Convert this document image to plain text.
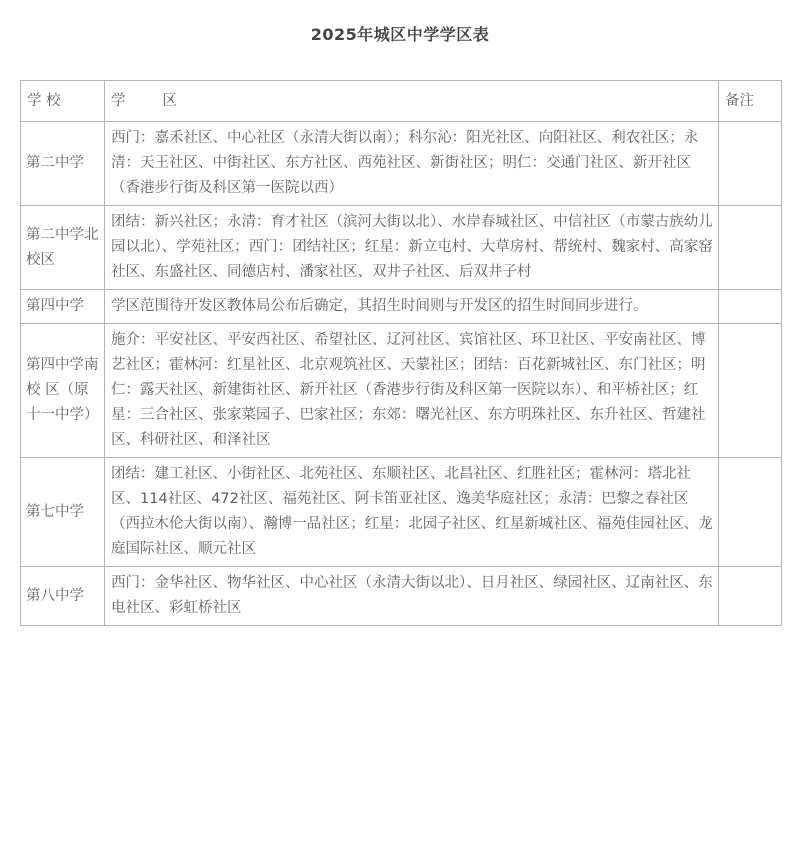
2025年城区中学学区表
学 校	学        区	备注
第二中学	西门：嘉禾社区、中心社区（永清大街以南）；科尔沁：阳光社区、向阳社区、利农社区；永清：天王社区、中街社区、东方社区、西苑社区、新街社区；明仁：交通门社区、新开社区（香港步行街及科区第一医院以西）	
第二中学北校区	团结：新兴社区；永清：育才社区（滨河大街以北）、水岸春城社区、中信社区（市蒙古族幼儿园以北）、学苑社区；西门：团结社区；红星：新立屯村、大草房村、帮统村、魏家村、高家窑社区、东盛社区、同德店村、潘家社区、双井子社区、后双井子村	
第四中学	学区范围待开发区教体局公布后确定，其招生时间则与开发区的招生时间同步进行。	
第四中学南 校 区（原十一中学）	施介：平安社区、平安西社区、希望社区、辽河社区、宾馆社区、环卫社区、平安南社区、博艺社区；霍林河：红星社区、北京观筑社区、天蒙社区；团结：百花新城社区、东门社区；明仁：露天社区、新建街社区、新开社区（香港步行街及科区第一医院以东）、和平桥社区；红星：三合社区、张家菜园子、巴家社区；东郊：曙光社区、东方明珠社区、东升社区、哲建社区、科研社区、和泽社区	
第七中学	团结：建工社区、小街社区、北苑社区、东顺社区、北昌社区、红胜社区；霍林河：塔北社区、114社区、472社区、福苑社区、阿卡笛亚社区、逸美华庭社区；永清：巴黎之春社区（西拉木伦大街以南）、瀚博一品社区；红星：北园子社区、红星新城社区、福苑佳园社区、龙庭国际社区、顺元社区	
第八中学	西门：金华社区、物华社区、中心社区（永清大街以北）、日月社区、绿园社区、辽南社区、东电社区、彩虹桥社区	
